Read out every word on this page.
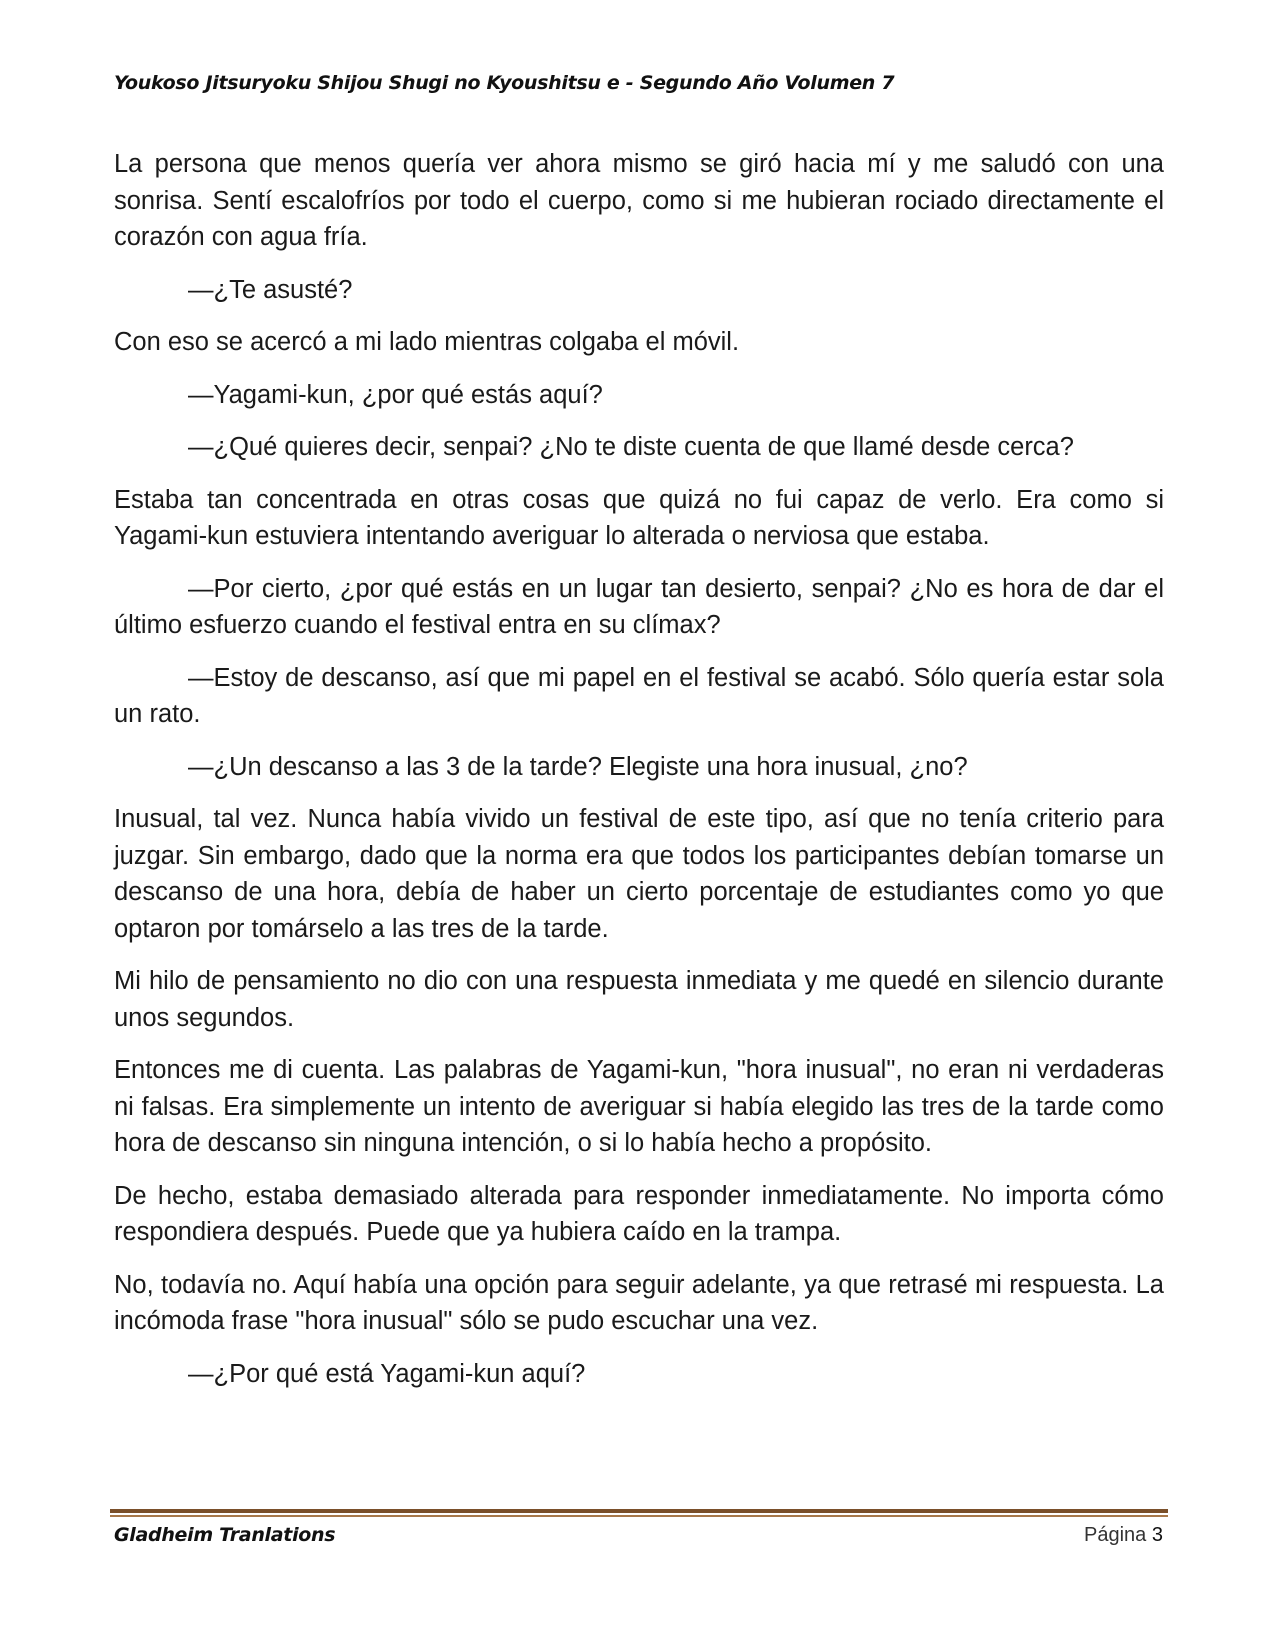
Youkoso Jitsuryoku Shijou Shugi no Kyoushitsu e - Segundo Año Volumen 7

La persona que menos quería ver ahora mismo se giró hacia mí y me saludó con una sonrisa. Sentí escalofríos por todo el cuerpo, como si me hubieran rociado directamente el corazón con agua fría.

—¿Te asusté?

Con eso se acercó a mi lado mientras colgaba el móvil.

—Yagami-kun, ¿por qué estás aquí?

—¿Qué quieres decir, senpai? ¿No te diste cuenta de que llamé desde cerca?

Estaba tan concentrada en otras cosas que quizá no fui capaz de verlo. Era como si Yagami-kun estuviera intentando averiguar lo alterada o nerviosa que estaba.

—Por cierto, ¿por qué estás en un lugar tan desierto, senpai? ¿No es hora de dar el último esfuerzo cuando el festival entra en su clímax?

—Estoy de descanso, así que mi papel en el festival se acabó. Sólo quería estar sola un rato.

—¿Un descanso a las 3 de la tarde? Elegiste una hora inusual, ¿no?

Inusual, tal vez. Nunca había vivido un festival de este tipo, así que no tenía criterio para juzgar. Sin embargo, dado que la norma era que todos los participantes debían tomarse un descanso de una hora, debía de haber un cierto porcentaje de estudiantes como yo que optaron por tomárselo a las tres de la tarde.

Mi hilo de pensamiento no dio con una respuesta inmediata y me quedé en silencio durante unos segundos.

Entonces me di cuenta. Las palabras de Yagami-kun, "hora inusual", no eran ni verdaderas ni falsas. Era simplemente un intento de averiguar si había elegido las tres de la tarde como hora de descanso sin ninguna intención, o si lo había hecho a propósito.

De hecho, estaba demasiado alterada para responder inmediatamente. No importa cómo respondiera después. Puede que ya hubiera caído en la trampa.

No, todavía no. Aquí había una opción para seguir adelante, ya que retrasé mi respuesta. La incómoda frase "hora inusual" sólo se pudo escuchar una vez.

—¿Por qué está Yagami-kun aquí?

Gladheim Tranlations	Página 3
